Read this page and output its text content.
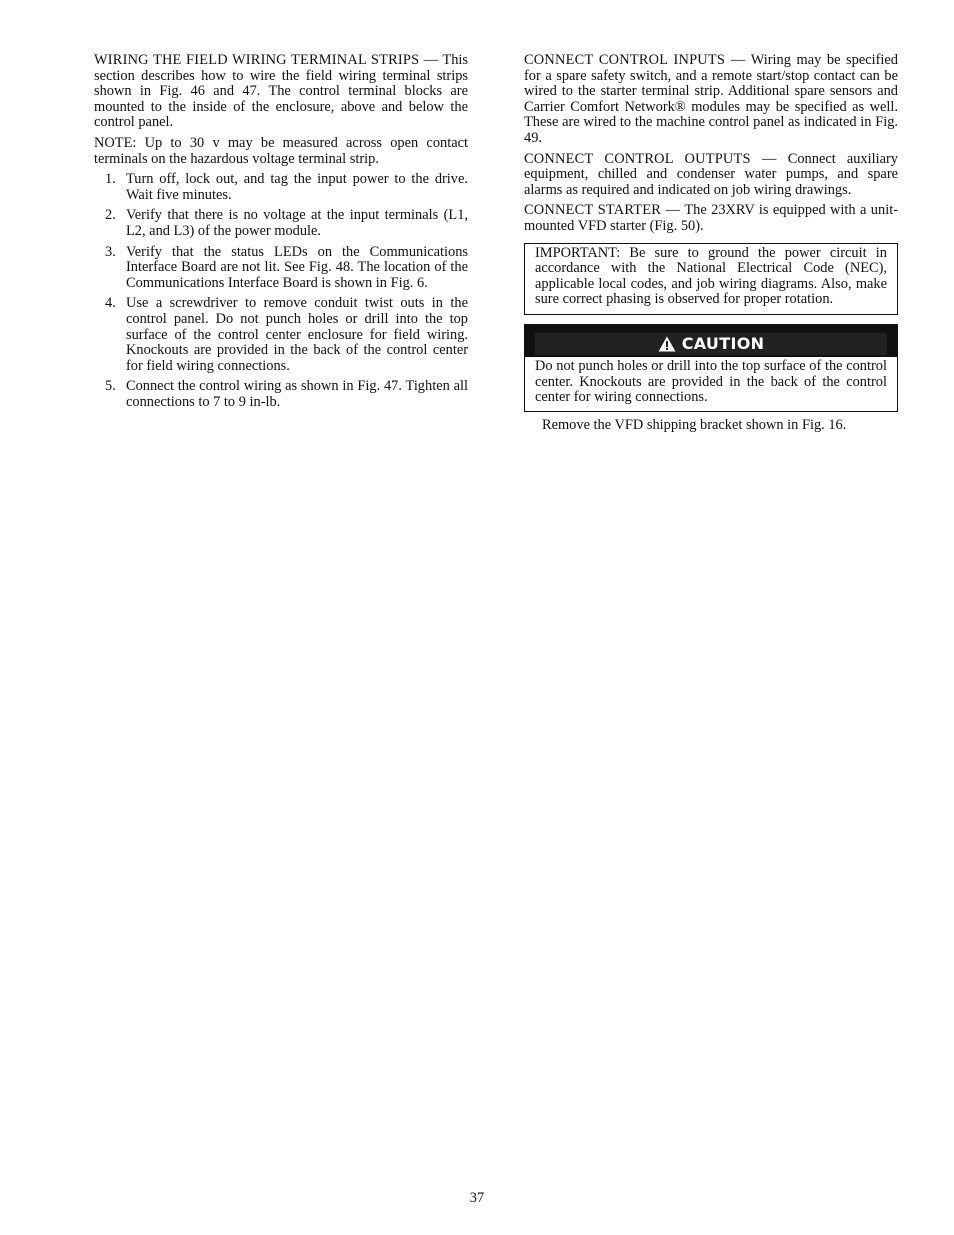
WIRING THE FIELD WIRING TERMINAL STRIPS — This section describes how to wire the field wiring terminal strips shown in Fig. 46 and 47. The control terminal blocks are mounted to the inside of the enclosure, above and below the control panel.

NOTE: Up to 30 v may be measured across open contact terminals on the hazardous voltage terminal strip.

1. Turn off, lock out, and tag the input power to the drive. Wait five minutes.
2. Verify that there is no voltage at the input terminals (L1, L2, and L3) of the power module.
3. Verify that the status LEDs on the Communications Interface Board are not lit. See Fig. 48. The location of the Communications Interface Board is shown in Fig. 6.
4. Use a screwdriver to remove conduit twist outs in the control panel. Do not punch holes or drill into the top surface of the control center enclosure for field wiring. Knockouts are provided in the back of the control center for field wiring connections.
5. Connect the control wiring as shown in Fig. 47. Tighten all connections to 7 to 9 in-lb.

CONNECT CONTROL INPUTS — Wiring may be specified for a spare safety switch, and a remote start/stop contact can be wired to the starter terminal strip. Additional spare sensors and Carrier Comfort Network® modules may be specified as well. These are wired to the machine control panel as indicated in Fig. 49.

CONNECT CONTROL OUTPUTS — Connect auxiliary equipment, chilled and condenser water pumps, and spare alarms as required and indicated on job wiring drawings.

CONNECT STARTER — The 23XRV is equipped with a unit-mounted VFD starter (Fig. 50).

IMPORTANT: Be sure to ground the power circuit in accordance with the National Electrical Code (NEC), applicable local codes, and job wiring diagrams. Also, make sure correct phasing is observed for proper rotation.
CAUTION
Do not punch holes or drill into the top surface of the control center. Knockouts are provided in the back of the control center for wiring connections.

Remove the VFD shipping bracket shown in Fig. 16.

37
